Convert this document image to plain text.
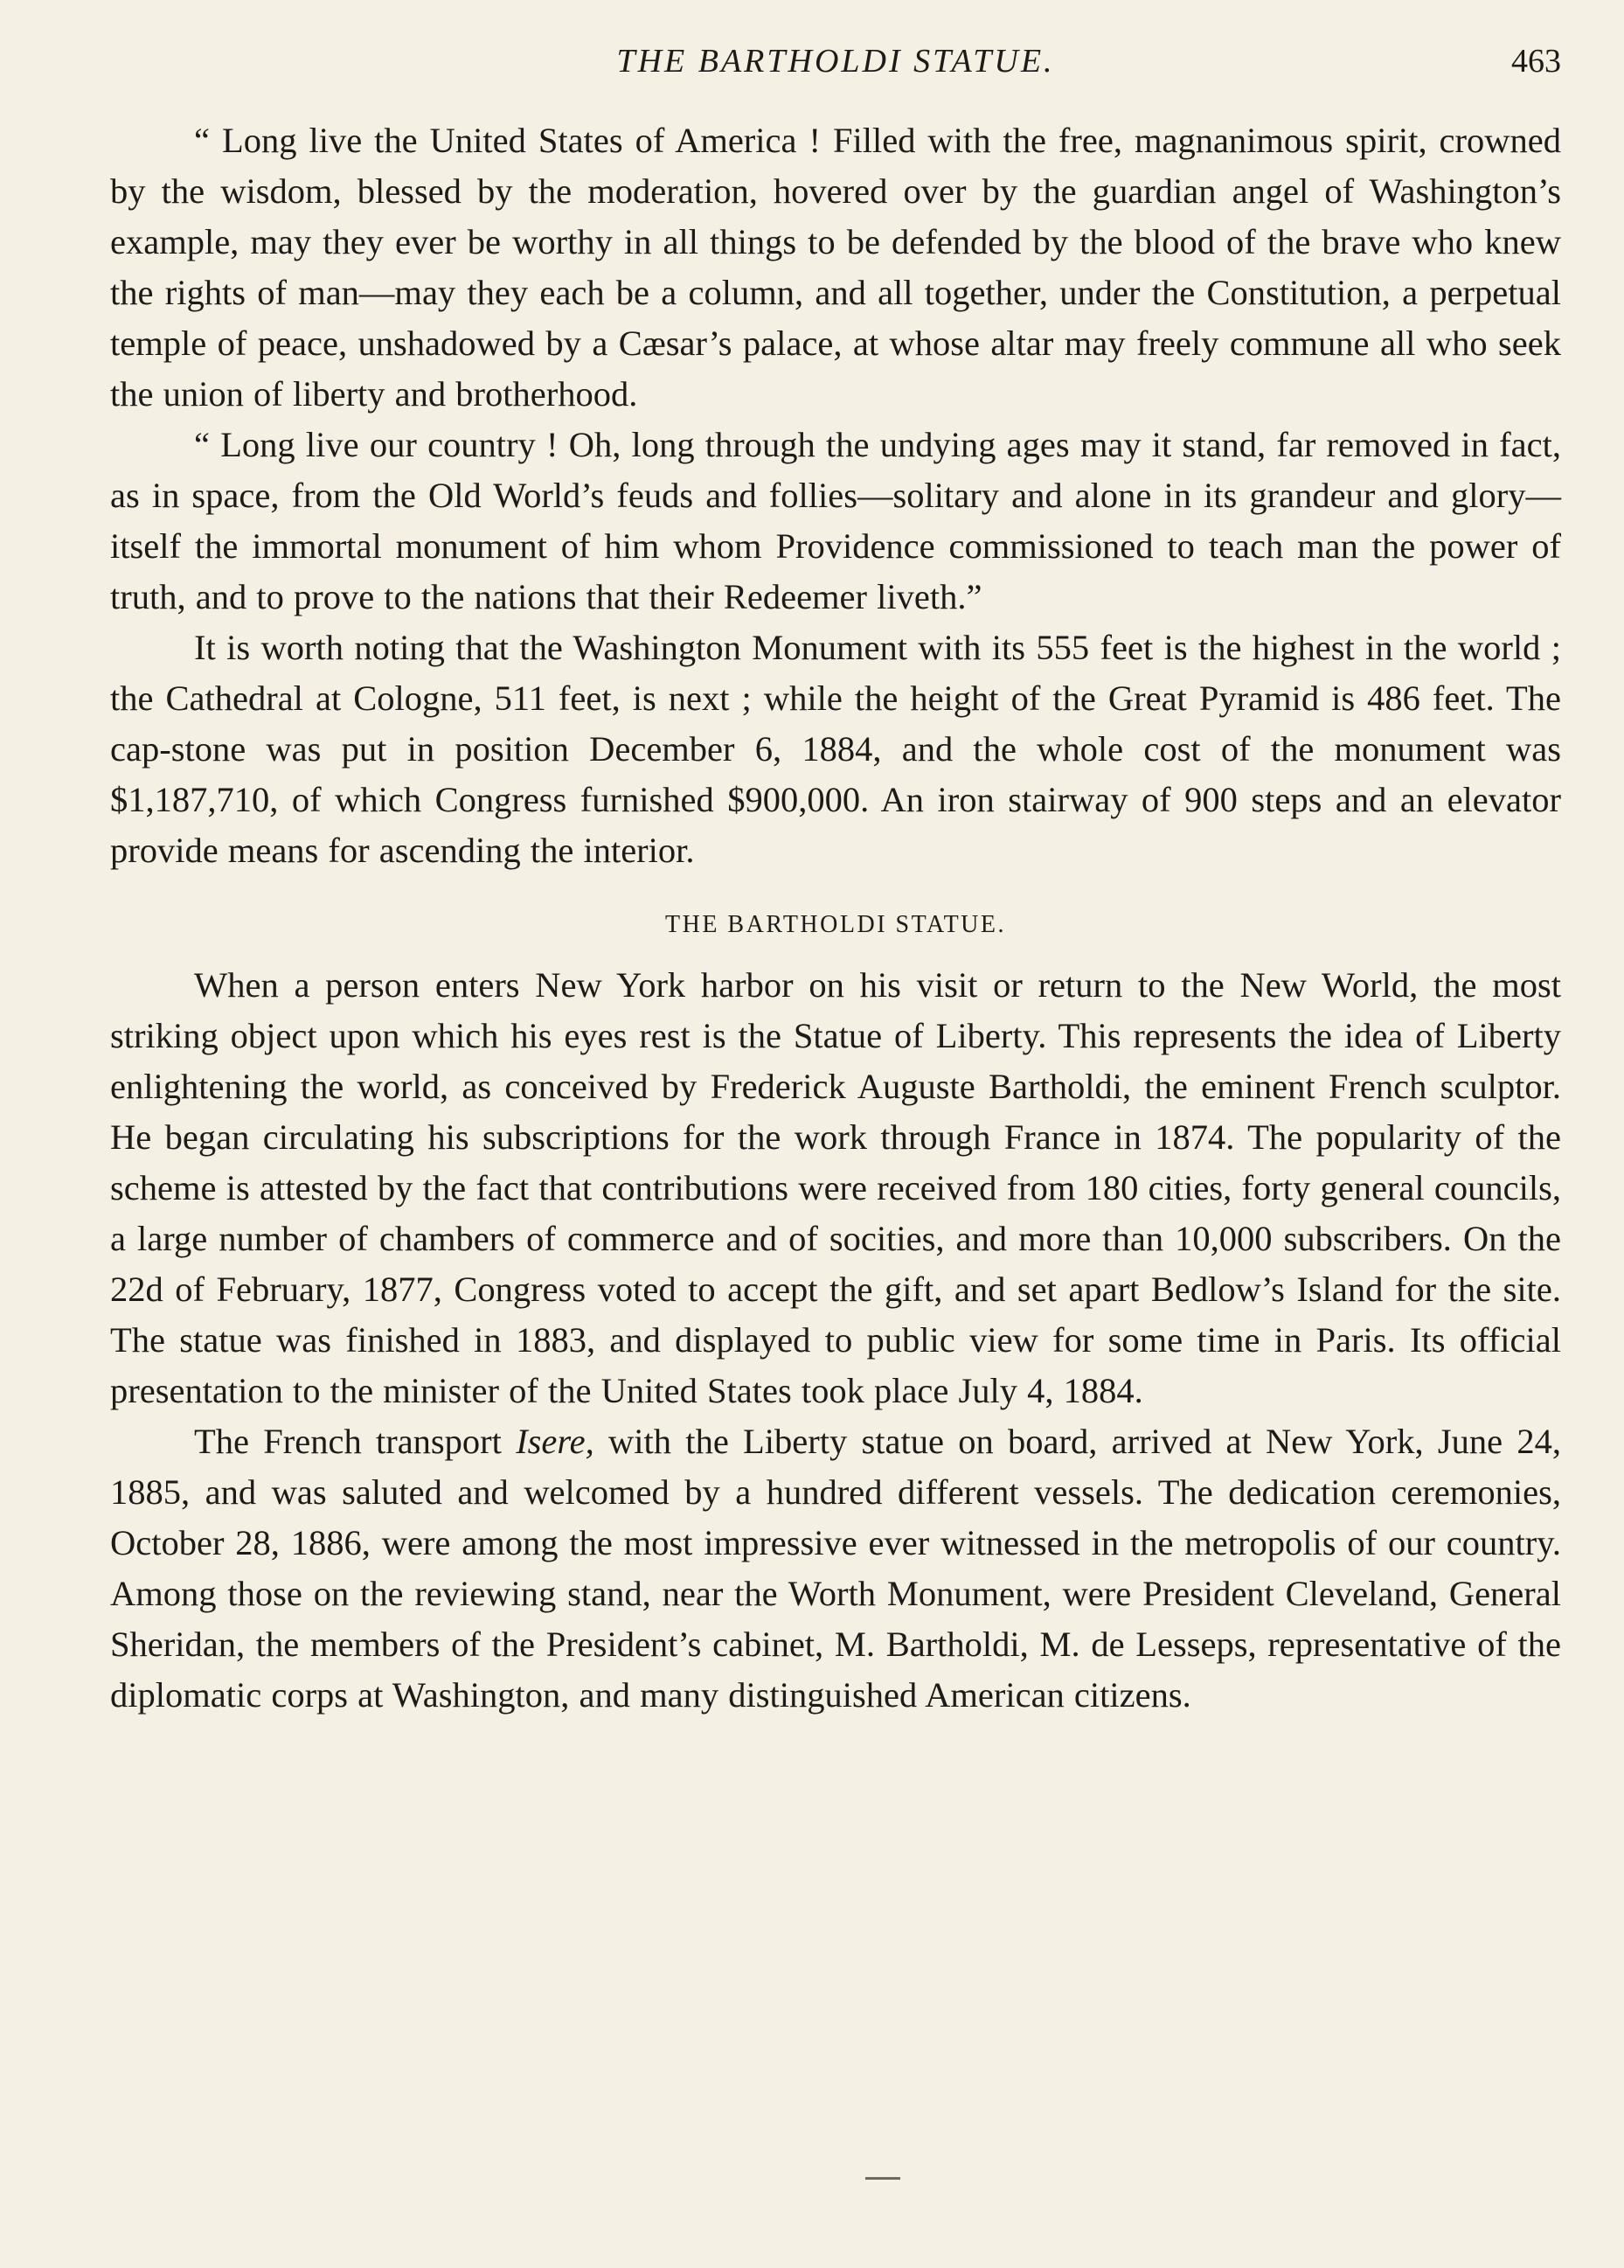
THE BARTHOLDI STATUE.	463

“ Long live the United States of America ! Filled with the free, magnanimous spirit, crowned by the wisdom, blessed by the moderation, hovered over by the guardian angel of Washington’s example, may they ever be worthy in all things to be defended by the blood of the brave who knew the rights of man—may they each be a column, and all together, under the Constitution, a perpetual temple of peace, unshadowed by a Cæsar’s palace, at whose altar may freely commune all who seek the union of liberty and brotherhood.

“ Long live our country ! Oh, long through the undying ages may it stand, far removed in fact, as in space, from the Old World’s feuds and follies—solitary and alone in its grandeur and glory—itself the immortal monument of him whom Providence commissioned to teach man the power of truth, and to prove to the nations that their Redeemer liveth.”

It is worth noting that the Washington Monument with its 555 feet is the highest in the world ; the Cathedral at Cologne, 511 feet, is next ; while the height of the Great Pyramid is 486 feet. The cap-stone was put in position December 6, 1884, and the whole cost of the monument was $1,187,710, of which Congress furnished $900,000. An iron stairway of 900 steps and an elevator provide means for ascending the interior.

THE BARTHOLDI STATUE.

When a person enters New York harbor on his visit or return to the New World, the most striking object upon which his eyes rest is the Statue of Liberty. This represents the idea of Liberty enlightening the world, as conceived by Frederick Auguste Bartholdi, the eminent French sculptor. He began circulating his subscriptions for the work through France in 1874. The popularity of the scheme is attested by the fact that contributions were received from 180 cities, forty general councils, a large number of chambers of commerce and of socities, and more than 10,000 subscribers. On the 22d of February, 1877, Congress voted to accept the gift, and set apart Bedlow’s Island for the site. The statue was finished in 1883, and displayed to public view for some time in Paris. Its official presentation to the minister of the United States took place July 4, 1884.

The French transport Isere, with the Liberty statue on board, arrived at New York, June 24, 1885, and was saluted and welcomed by a hundred different vessels. The dedication ceremonies, October 28, 1886, were among the most impressive ever witnessed in the metropolis of our country. Among those on the reviewing stand, near the Worth Monument, were President Cleveland, General Sheridan, the members of the President’s cabinet, M. Bartholdi, M. de Lesseps, representative of the diplomatic corps at Washington, and many distinguished American citizens.
